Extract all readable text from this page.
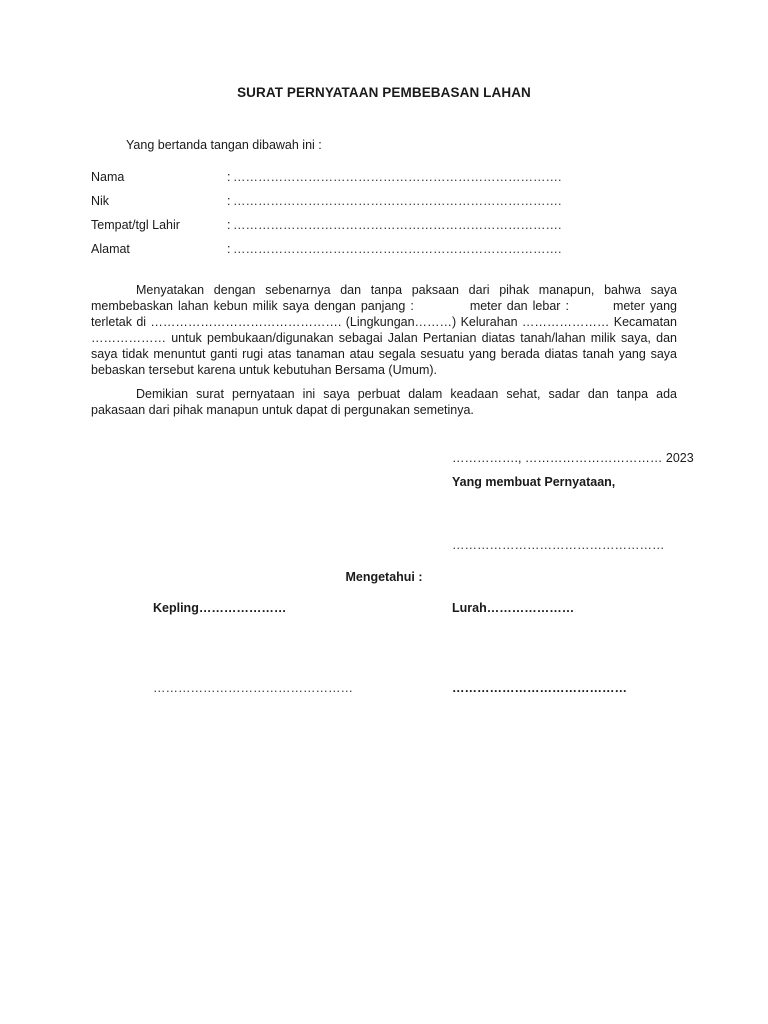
SURAT PERNYATAAN PEMBEBASAN LAHAN
Yang bertanda tangan dibawah ini :
Nama	: …………………………………………………………………….
Nik	: …………………………………………………………………….
Tempat/tgl Lahir	: …………………………………………………………………….
Alamat	: …………………………………………………………………….

Menyatakan dengan sebenarnya dan tanpa paksaan dari pihak manapun, bahwa saya membebaskan lahan kebun milik saya dengan panjang :	meter dan lebar :	meter yang terletak di ………………………………………. (Lingkungan………) Kelurahan ………………… Kecamatan ……………… untuk pembukaan/digunakan sebagai Jalan Pertanian diatas tanah/lahan milik saya, dan saya tidak menuntut ganti rugi atas tanaman atau segala sesuatu yang berada diatas tanah yang saya bebaskan tersebut karena untuk kebutuhan Bersama (Umum).

Demikian surat pernyataan ini saya perbuat dalam keadaan sehat, sadar dan tanpa ada pakasaan dari pihak manapun untuk dapat di pergunakan semetinya.

……………., …………………………… 2023
Yang membuat Pernyataan,
……………………………………………
Mengetahui :
Kepling…………………	Lurah…………………
…………………………………………	……………………………………
